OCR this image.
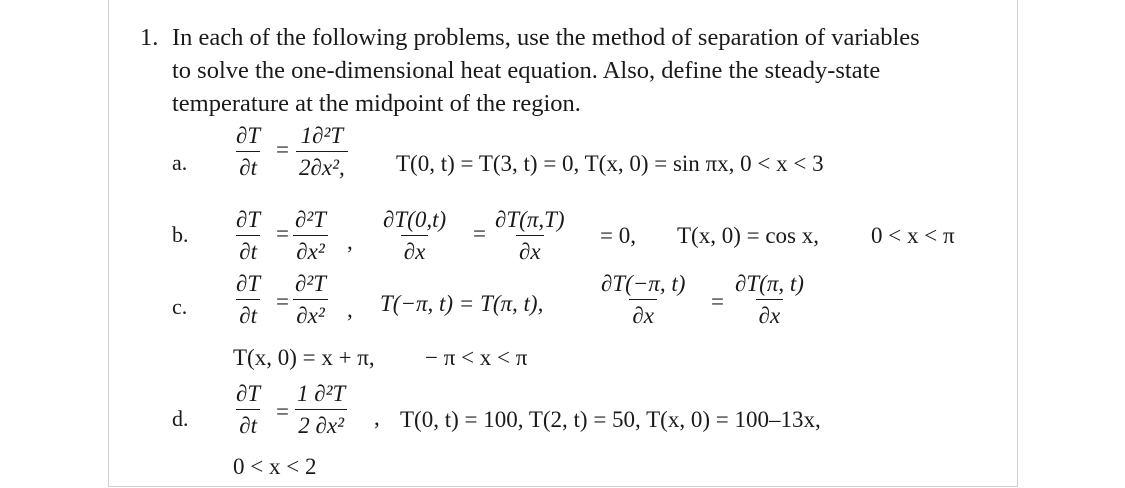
1. In each of the following problems, use the method of separation of variables
to solve the one-dimensional heat equation. Also, define the steady-state
temperature at the midpoint of the region.
a. $\frac{\partial T}{\partial t} = \frac{\text{1∂²T}}{\text{2∂x²,}} T(0$, t) = T(3, t) = 0, T(x, 0) = sin πx, 0 < x < 3
b. $\frac{\partial T}{\partial t} = \frac{\text{∂²T}}{\text{∂x²}}$ , $\frac{\partial T(0,t)}{\partial x} = \frac{\partial T(\pi,T)}{\partial x} = 0$, T(x, 0) = cos x, 0 < x < π
c. $\frac{\partial T}{\partial t} = \frac{\text{∂²T}}{\text{∂x²}}$ , T(−π, t) = T(π, t), $\frac{\partial T(-\pi, t)}{\partial x} = \frac{\partial T(\pi, t)}{\partial x}$
T(x, 0) = x + π, − π < x < π
d. $\frac{\partial T}{\partial t} = \frac{\text{1 ∂²T}}{\text{2 ∂x²}}$ , T(0, t) = 100, T(2, t) = 50, T(x, 0) = 100–13x,
0 < x < 2
